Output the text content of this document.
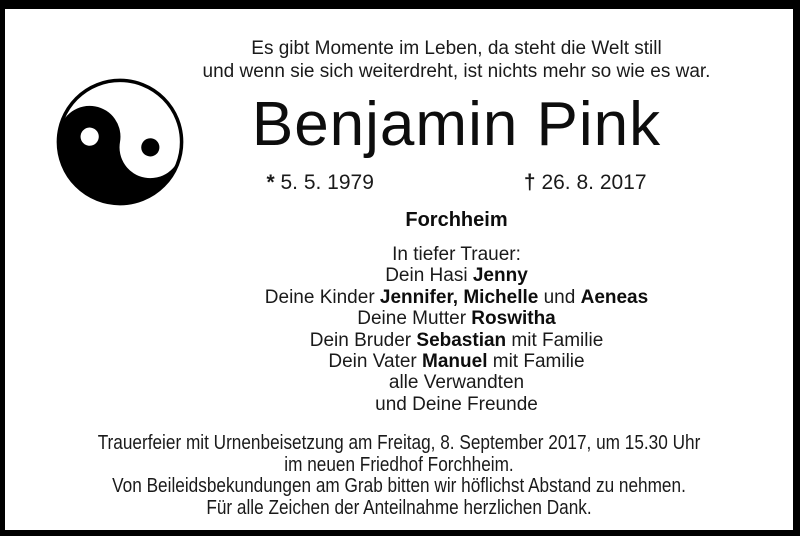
Es gibt Momente im Leben, da steht die Welt still
und wenn sie sich weiterdreht, ist nichts mehr so wie es war.
Benjamin Pink
* 5. 5. 1979	† 26. 8. 2017
Forchheim
In tiefer Trauer:
Dein Hasi Jenny
Deine Kinder Jennifer, Michelle und Aeneas
Deine Mutter Roswitha
Dein Bruder Sebastian mit Familie
Dein Vater Manuel mit Familie
alle Verwandten
und Deine Freunde
Trauerfeier mit Urnenbeisetzung am Freitag, 8. September 2017, um 15.30 Uhr
im neuen Friedhof Forchheim.
Von Beileidsbekundungen am Grab bitten wir höflichst Abstand zu nehmen.
Für alle Zeichen der Anteilnahme herzlichen Dank.
